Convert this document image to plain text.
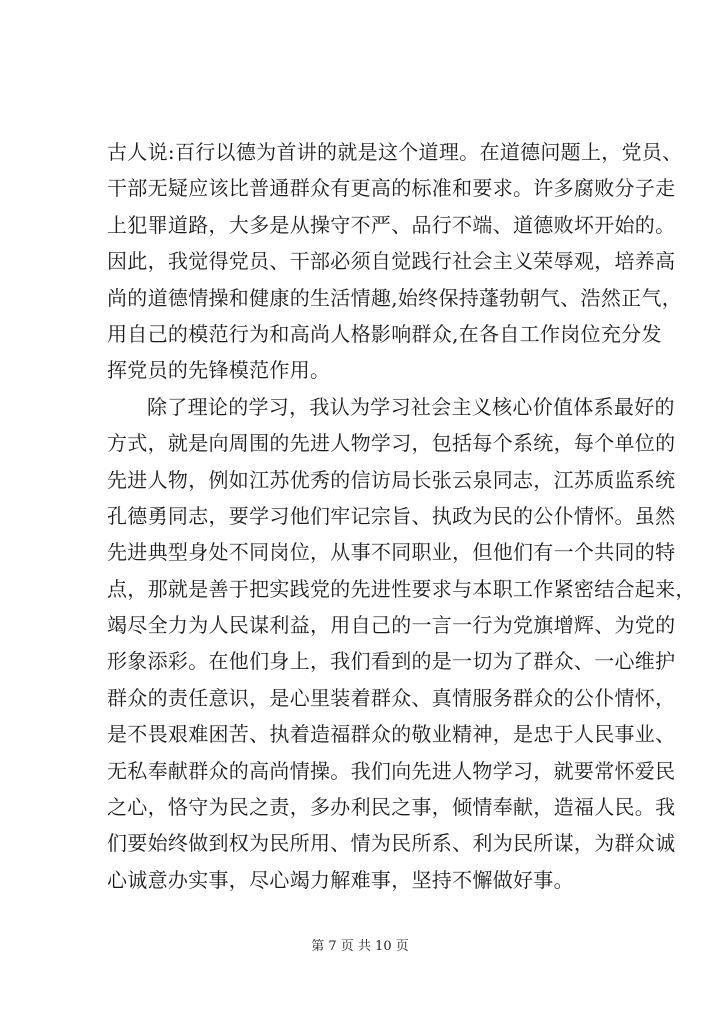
古人说:百行以德为首讲的就是这个道理。在道德问题上，党员、
干部无疑应该比普通群众有更高的标准和要求。许多腐败分子走
上犯罪道路，大多是从操守不严、品行不端、道德败坏开始的。
因此，我觉得党员、干部必须自觉践行社会主义荣辱观，培养高
尚的道德情操和健康的生活情趣,始终保持蓬勃朝气、浩然正气，
用自己的模范行为和高尚人格影响群众,在各自工作岗位充分发
挥党员的先锋模范作用。
除了理论的学习，我认为学习社会主义核心价值体系最好的
方式，就是向周围的先进人物学习，包括每个系统，每个单位的
先进人物，例如江苏优秀的信访局长张云泉同志，江苏质监系统
孔德勇同志，要学习他们牢记宗旨、执政为民的公仆情怀。虽然
先进典型身处不同岗位，从事不同职业，但他们有一个共同的特
点，那就是善于把实践党的先进性要求与本职工作紧密结合起来，
竭尽全力为人民谋利益，用自己的一言一行为党旗增辉、为党的
形象添彩。在他们身上，我们看到的是一切为了群众、一心维护
群众的责任意识，是心里装着群众、真情服务群众的公仆情怀，
是不畏艰难困苦、执着造福群众的敬业精神，是忠于人民事业、
无私奉献群众的高尚情操。我们向先进人物学习，就要常怀爱民
之心，恪守为民之责，多办利民之事，倾情奉献，造福人民。我
们要始终做到权为民所用、情为民所系、利为民所谋，为群众诚
心诚意办实事，尽心竭力解难事，坚持不懈做好事。
第 7 页 共 10 页
